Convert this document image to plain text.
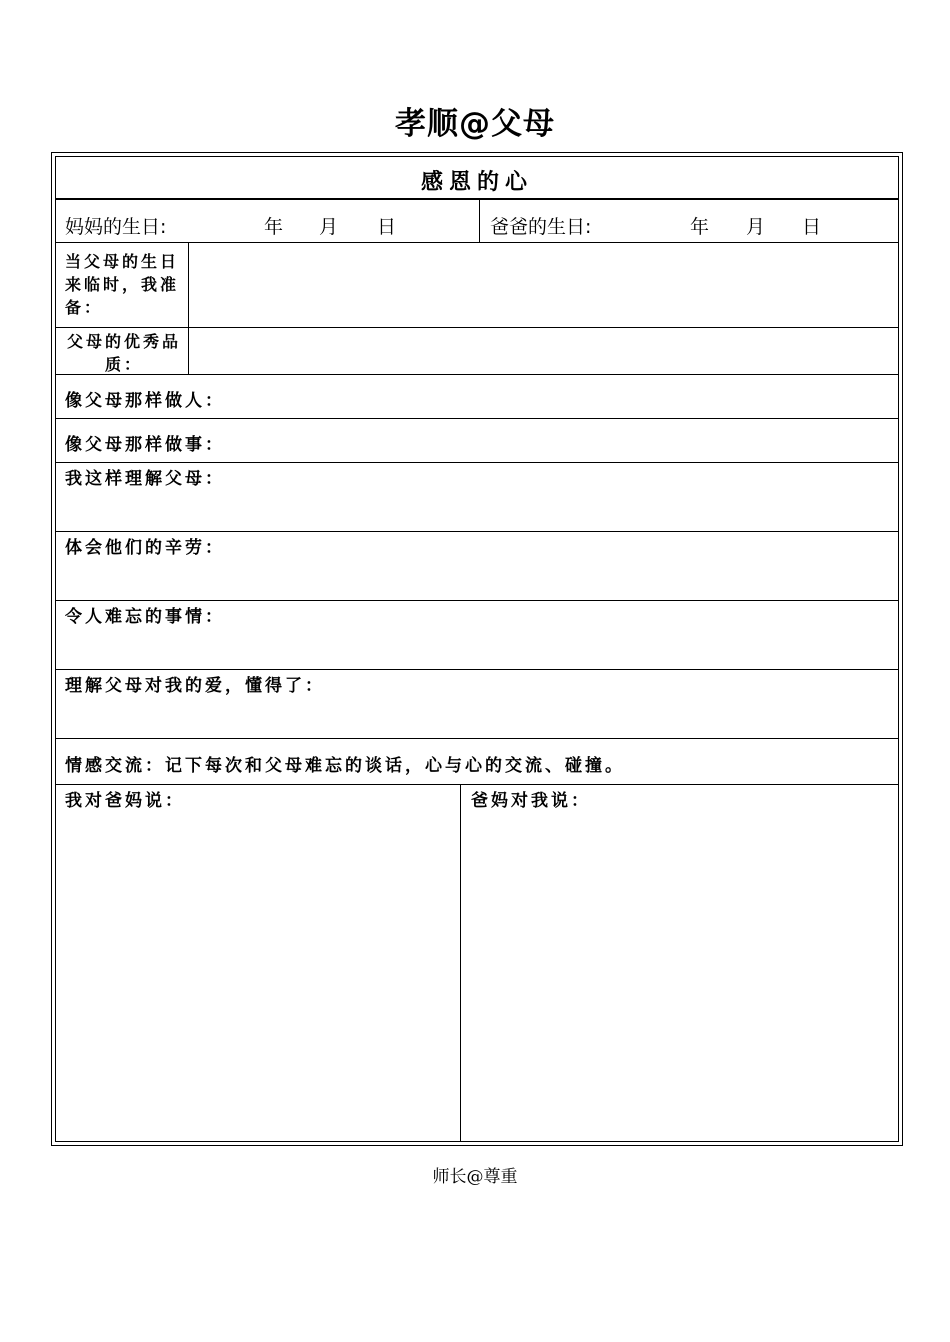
孝顺@父母
感恩的心
妈妈的生日:	年 月 日	爸爸的生日:	年 月 日
当父母的生日来临时，我准备：
父母的优秀品质：
像父母那样做人：
像父母那样做事：
我这样理解父母：
体会他们的辛劳：
令人难忘的事情：
理解父母对我的爱，懂得了：
情感交流：记下每次和父母难忘的谈话，心与心的交流、碰撞。
我对爸妈说：	爸妈对我说：
师长@尊重
